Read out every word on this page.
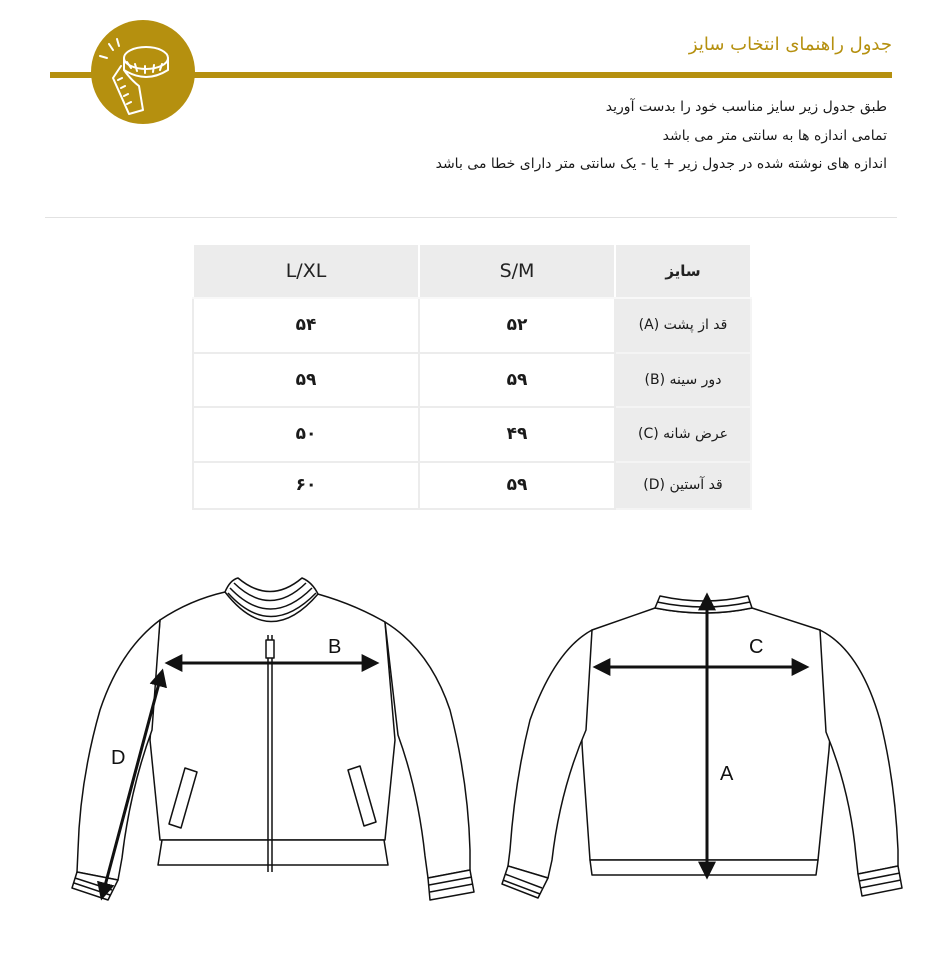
جدول راهنمای انتخاب سایز

طبق جدول زیر سایز مناسب خود را بدست آورید

تمامی اندازه ها به سانتی متر می باشد

اندازه های نوشته شده در جدول زیر + یا - یک سانتی متر دارای خطا می باشد

L/XL	S/M	سایز
۵۴	۵۲	قد از پشت (A)
۵۹	۵۹	دور سینه (B)
۵۰	۴۹	عرض شانه (C)
۶۰	۵۹	قد آستین (D)

B

D

C

A
